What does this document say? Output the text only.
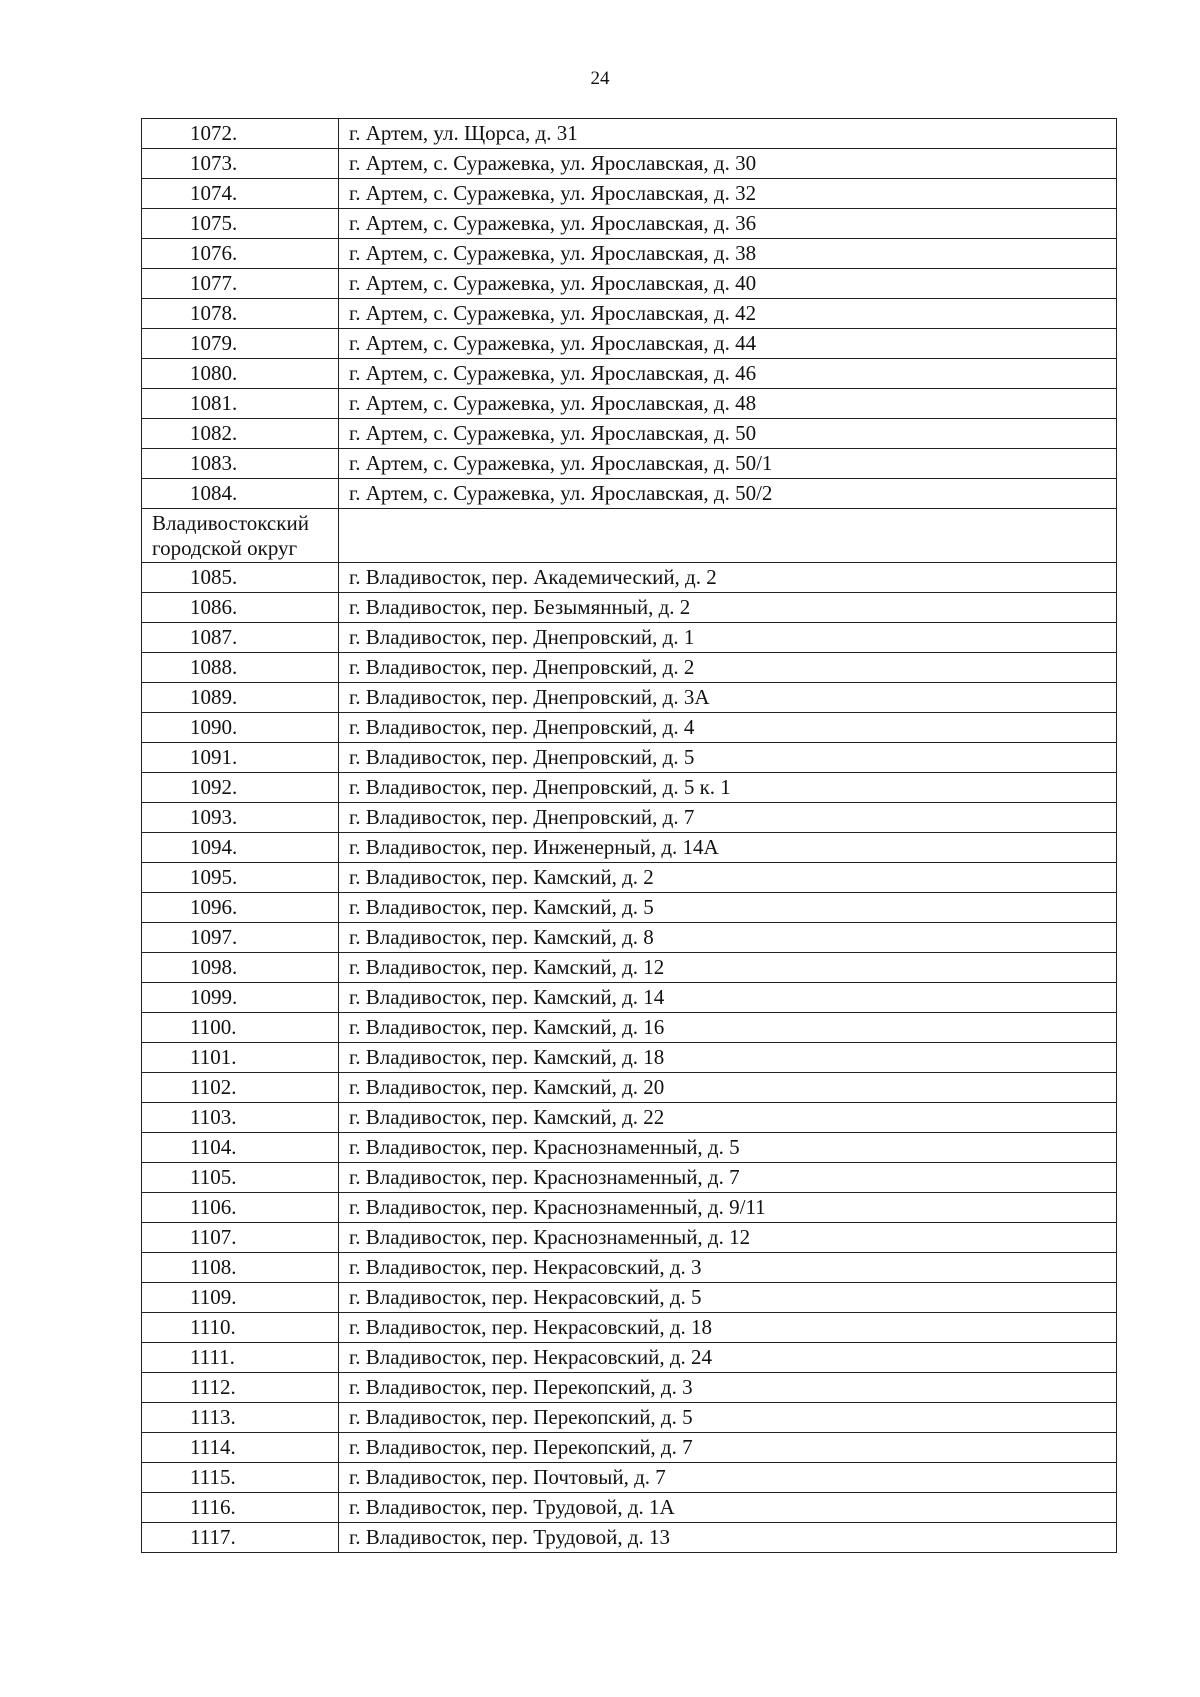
24
1072.	г. Артем, ул. Щорса, д. 31
1073.	г. Артем, с. Суражевка, ул. Ярославская, д. 30
1074.	г. Артем, с. Суражевка, ул. Ярославская, д. 32
1075.	г. Артем, с. Суражевка, ул. Ярославская, д. 36
1076.	г. Артем, с. Суражевка, ул. Ярославская, д. 38
1077.	г. Артем, с. Суражевка, ул. Ярославская, д. 40
1078.	г. Артем, с. Суражевка, ул. Ярославская, д. 42
1079.	г. Артем, с. Суражевка, ул. Ярославская, д. 44
1080.	г. Артем, с. Суражевка, ул. Ярославская, д. 46
1081.	г. Артем, с. Суражевка, ул. Ярославская, д. 48
1082.	г. Артем, с. Суражевка, ул. Ярославская, д. 50
1083.	г. Артем, с. Суражевка, ул. Ярославская, д. 50/1
1084.	г. Артем, с. Суражевка, ул. Ярославская, д. 50/2
Владивостокский городской округ	
1085.	г. Владивосток, пер. Академический, д. 2
1086.	г. Владивосток, пер. Безымянный, д. 2
1087.	г. Владивосток, пер. Днепровский, д. 1
1088.	г. Владивосток, пер. Днепровский, д. 2
1089.	г. Владивосток, пер. Днепровский, д. 3А
1090.	г. Владивосток, пер. Днепровский, д. 4
1091.	г. Владивосток, пер. Днепровский, д. 5
1092.	г. Владивосток, пер. Днепровский, д. 5 к. 1
1093.	г. Владивосток, пер. Днепровский, д. 7
1094.	г. Владивосток, пер. Инженерный, д. 14А
1095.	г. Владивосток, пер. Камский, д. 2
1096.	г. Владивосток, пер. Камский, д. 5
1097.	г. Владивосток, пер. Камский, д. 8
1098.	г. Владивосток, пер. Камский, д. 12
1099.	г. Владивосток, пер. Камский, д. 14
1100.	г. Владивосток, пер. Камский, д. 16
1101.	г. Владивосток, пер. Камский, д. 18
1102.	г. Владивосток, пер. Камский, д. 20
1103.	г. Владивосток, пер. Камский, д. 22
1104.	г. Владивосток, пер. Краснознаменный, д. 5
1105.	г. Владивосток, пер. Краснознаменный, д. 7
1106.	г. Владивосток, пер. Краснознаменный, д. 9/11
1107.	г. Владивосток, пер. Краснознаменный, д. 12
1108.	г. Владивосток, пер. Некрасовский, д. 3
1109.	г. Владивосток, пер. Некрасовский, д. 5
1110.	г. Владивосток, пер. Некрасовский, д. 18
1111.	г. Владивосток, пер. Некрасовский, д. 24
1112.	г. Владивосток, пер. Перекопский, д. 3
1113.	г. Владивосток, пер. Перекопский, д. 5
1114.	г. Владивосток, пер. Перекопский, д. 7
1115.	г. Владивосток, пер. Почтовый, д. 7
1116.	г. Владивосток, пер. Трудовой, д. 1А
1117.	г. Владивосток, пер. Трудовой, д. 13
